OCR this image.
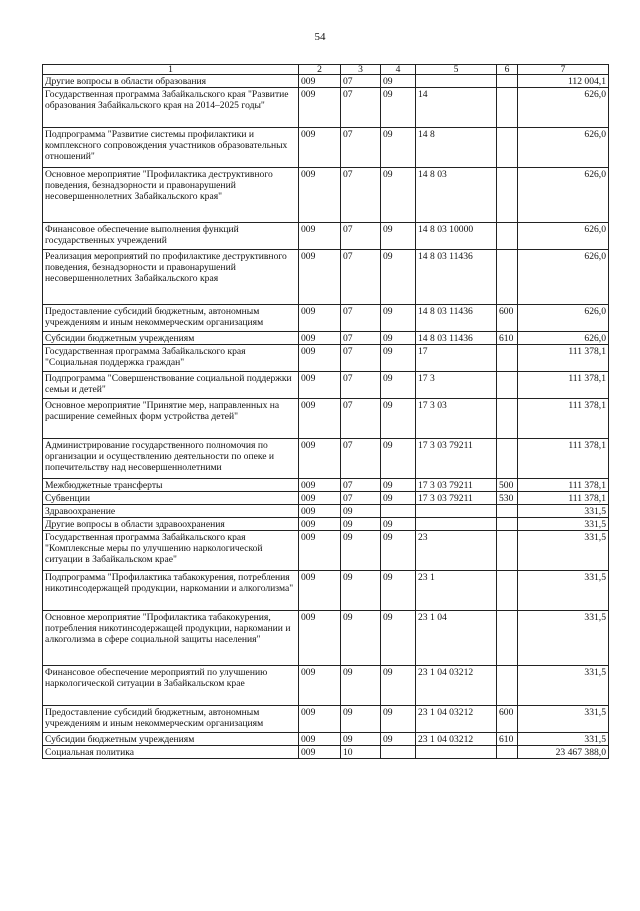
54
1	2	3	4	5	6	7
Другие вопросы в области образования	009	07	09			112 004,1
Государственная программа Забайкальского края "Развитие образования Забайкальского края на 2014–2025 годы"	009	07	09	14		626,0
Подпрограмма "Развитие системы профилактики и комплексного сопровождения участников образовательных отношений"	009	07	09	14 8		626,0
Основное мероприятие "Профилактика деструктивного поведения, безнадзорности и правонарушений несовершеннолетних Забайкальского края"	009	07	09	14 8 03		626,0
Финансовое обеспечение выполнения функций государственных учреждений	009	07	09	14 8 03 10000		626,0
Реализация мероприятий по профилактике деструктивного поведения, безнадзорности и правонарушений несовершеннолетних Забайкальского края	009	07	09	14 8 03 11436		626,0
Предоставление субсидий бюджетным, автономным учреждениям и иным некоммерческим организациям	009	07	09	14 8 03 11436	600	626,0
Субсидии бюджетным учреждениям	009	07	09	14 8 03 11436	610	626,0
Государственная программа Забайкальского края "Социальная поддержка граждан"	009	07	09	17		111 378,1
Подпрограмма "Совершенствование социальной поддержки семьи и детей"	009	07	09	17 3		111 378,1
Основное мероприятие "Принятие мер, направленных на расширение семейных форм устройства детей"	009	07	09	17 3 03		111 378,1
Администрирование государственного полномочия по организации и осуществлению деятельности по опеке и попечительству над несовершеннолетними	009	07	09	17 3 03 79211		111 378,1
Межбюджетные трансферты	009	07	09	17 3 03 79211	500	111 378,1
Субвенции	009	07	09	17 3 03 79211	530	111 378,1
Здравоохранение	009	09				331,5
Другие вопросы в области здравоохранения	009	09	09			331,5
Государственная программа Забайкальского края "Комплексные меры по улучшению наркологической ситуации в Забайкальском крае"	009	09	09	23		331,5
Подпрограмма "Профилактика табакокурения, потребления никотинсодержащей продукции, наркомании и алкоголизма"	009	09	09	23 1		331,5
Основное мероприятие "Профилактика табакокурения, потребления никотинсодержащей продукции, наркомании и алкоголизма в сфере социальной защиты населения"	009	09	09	23 1 04		331,5
Финансовое обеспечение мероприятий по улучшению наркологической ситуации в Забайкальском крае	009	09	09	23 1 04 03212		331,5
Предоставление субсидий бюджетным, автономным учреждениям и иным некоммерческим организациям	009	09	09	23 1 04 03212	600	331,5
Субсидии бюджетным учреждениям	009	09	09	23 1 04 03212	610	331,5
Социальная политика	009	10				23 467 388,0
